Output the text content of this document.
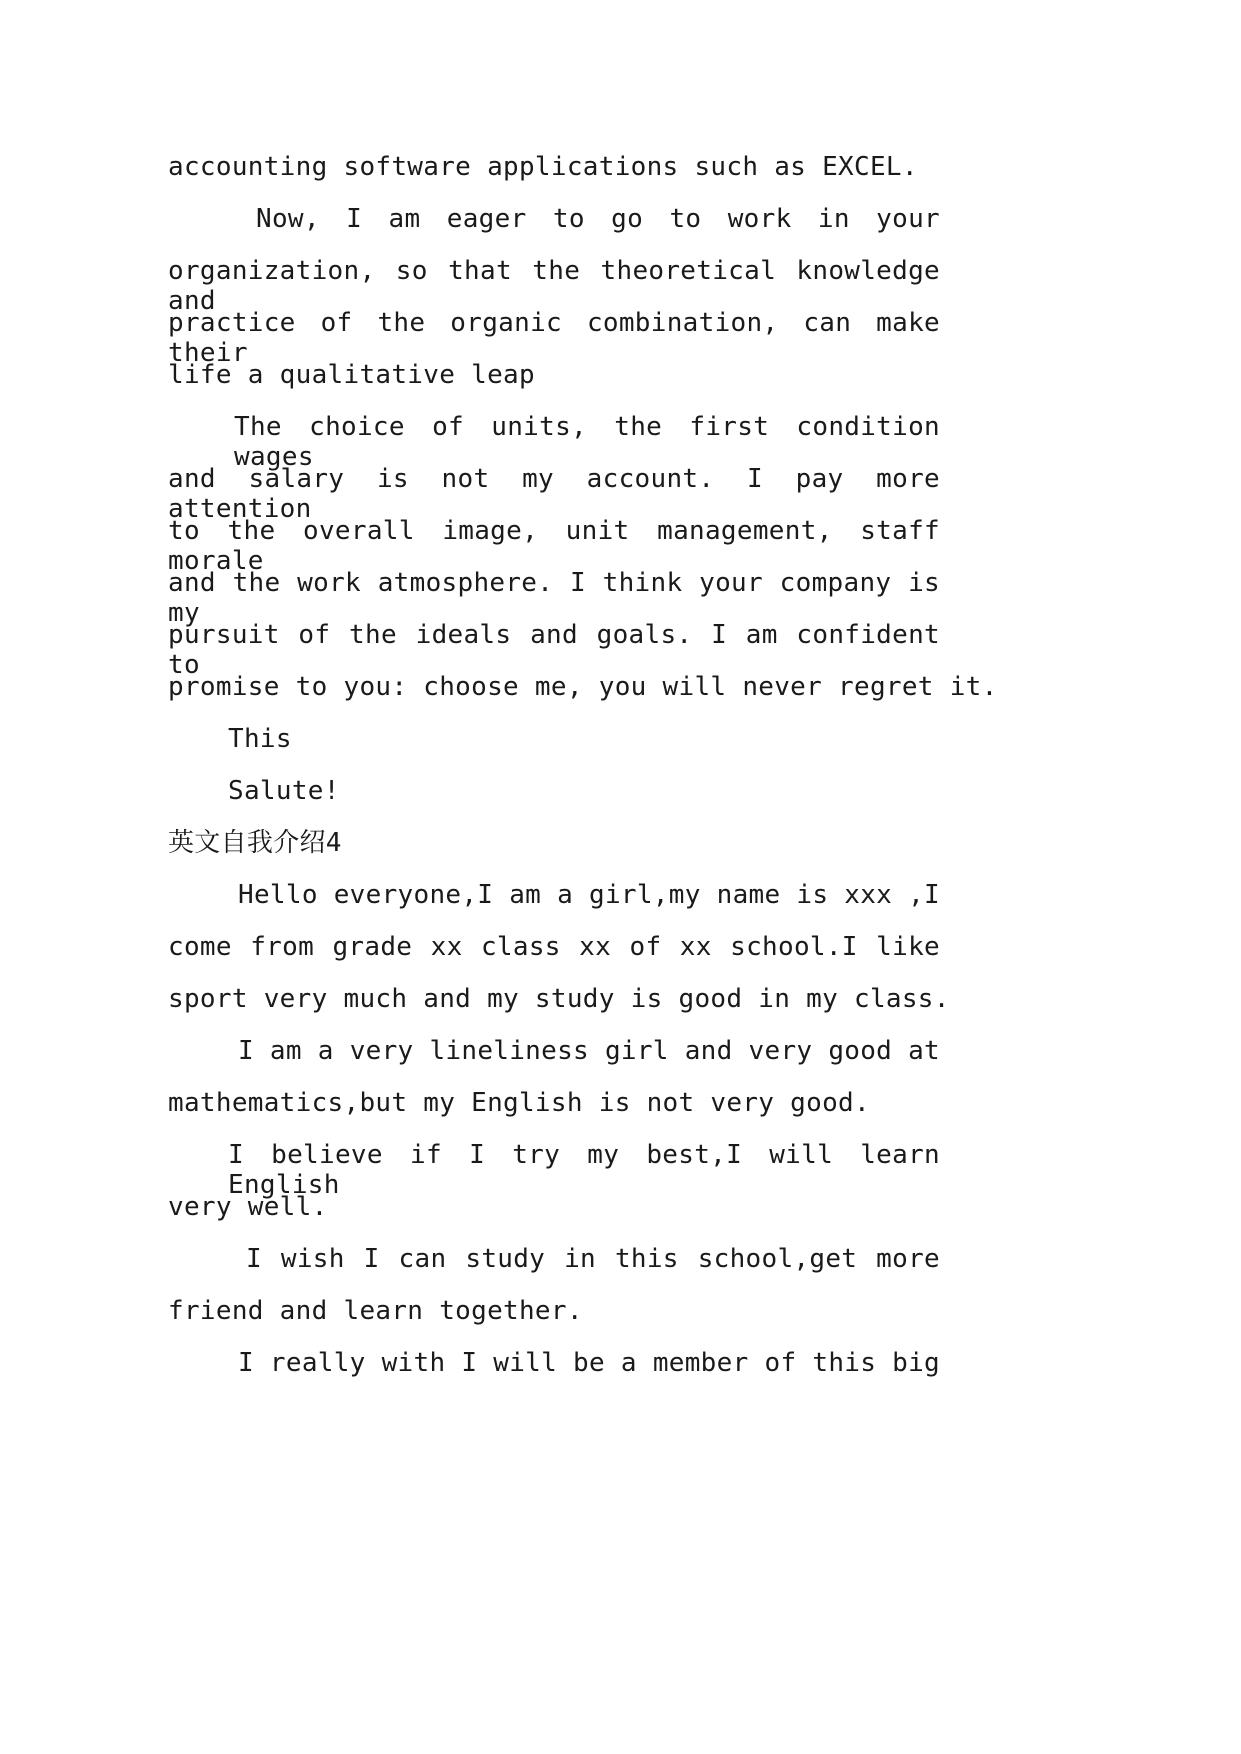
accounting software applications such as EXCEL.
Now, I am eager to go to work in your
organization, so that the theoretical knowledge and
practice of the organic combination, can make their
life a qualitative leap
The choice of units, the first condition wages
and salary is not my account. I pay more attention
to the overall image, unit management, staff morale
and the work atmosphere. I think your company is my
pursuit of the ideals and goals. I am confident to
promise to you: choose me, you will never regret it.
This
Salute!
英文自我介绍4
Hello everyone,I am a girl,my name is xxx ,I
come from grade xx class xx of xx school.I like
sport very much and my study is good in my class.
I am a very lineliness girl and very good at
mathematics,but my English is not very good.
I believe if I try my best,I will learn English
very well.
I wish I can study in this school,get more
friend and learn together.
I really with I will be a member of this big
